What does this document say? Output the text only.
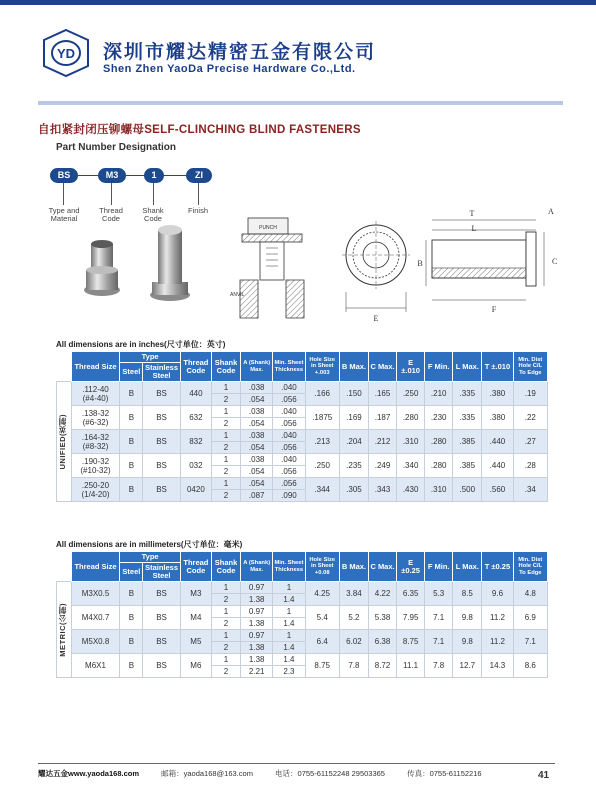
YD 深圳市耀达精密五金有限公司
Shen Zhen YaoDa Precise Hardware Co.,Ltd.
自扣紧封闭压铆螺母SELF-CLINCHING BLIND FASTENERS
Part Number Designation
BS	M3	1	ZI
Type and Material
Thread Code
Shank Code
Finish
PUNCH
ANVIL
E
T	A
L
B	C
F
All dimensions are in inches(尺寸单位：英寸)
	Thread Size	Type		Thread Code	Shank Code	A (Shank) Max.	Min. Sheet Thickness	Hole Size in Sheet +.003	B Max.	C Max.	E ±.010	F Min.	L Max.	T ±.010	Min. Dist Hole C/L To Edge
		Steel	Stainless Steel												

UNIFIED(英制)	.112-40
(#4-40)	B	BS	440	1	.038	.040	.166	.150	.165	.250	.210	.335	.380	.19
					2	.054	.056								
	.138-32
(#6-32)	B	BS	632	1	.038	.040	.1875	.169	.187	.280	.230	.335	.380	.22
					2	.054	.056								
	.164-32
(#8-32)	B	BS	832	1	.038	.040	.213	.204	.212	.310	.280	.385	.440	.27
					2	.054	.056								
	.190-32
(#10-32)	B	BS	032	1	.038	.040	.250	.235	.249	.340	.280	.385	.440	.28
					2	.054	.056								
	.250-20
(1/4-20)	B	BS	0420	1	.054	.056	.344	.305	.343	.430	.310	.500	.560	.34
					2	.087	.090								
All dimensions are in millimeters(尺寸单位：毫米)
	Thread Size	Type		Thread Code	Shank Code	A (Shank) Max.	Min. Sheet Thickness	Hole Size in Sheet +0.08	B Max.	C Max.	E ±0.25	F Min.	L Max.	T ±0.25	Min. Dist Hole C/L To Edge
		Steel	Stainless Steel												

METRIC(公制)	M3X0.5	B	BS	M3	1	0.97	1	4.25	3.84	4.22	6.35	5.3	8.5	9.6	4.8
					2	1.38	1.4								
	M4X0.7	B	BS	M4	1	0.97	1	5.4	5.2	5.38	7.95	7.1	9.8	11.2	6.9
					2	1.38	1.4								
	M5X0.8	B	BS	M5	1	0.97	1	6.4	6.02	6.38	8.75	7.1	9.8	11.2	7.1
					2	1.38	1.4								
	M6X1	B	BS	M6	1	1.38	1.4	8.75	7.8	8.72	11.1	7.8	12.7	14.3	8.6
					2	2.21	2.3								
耀达五金www.yaoda168.com	邮箱：yaoda168@163.com	电话：0755-61152248 29503365	传真：0755-61152216	41
